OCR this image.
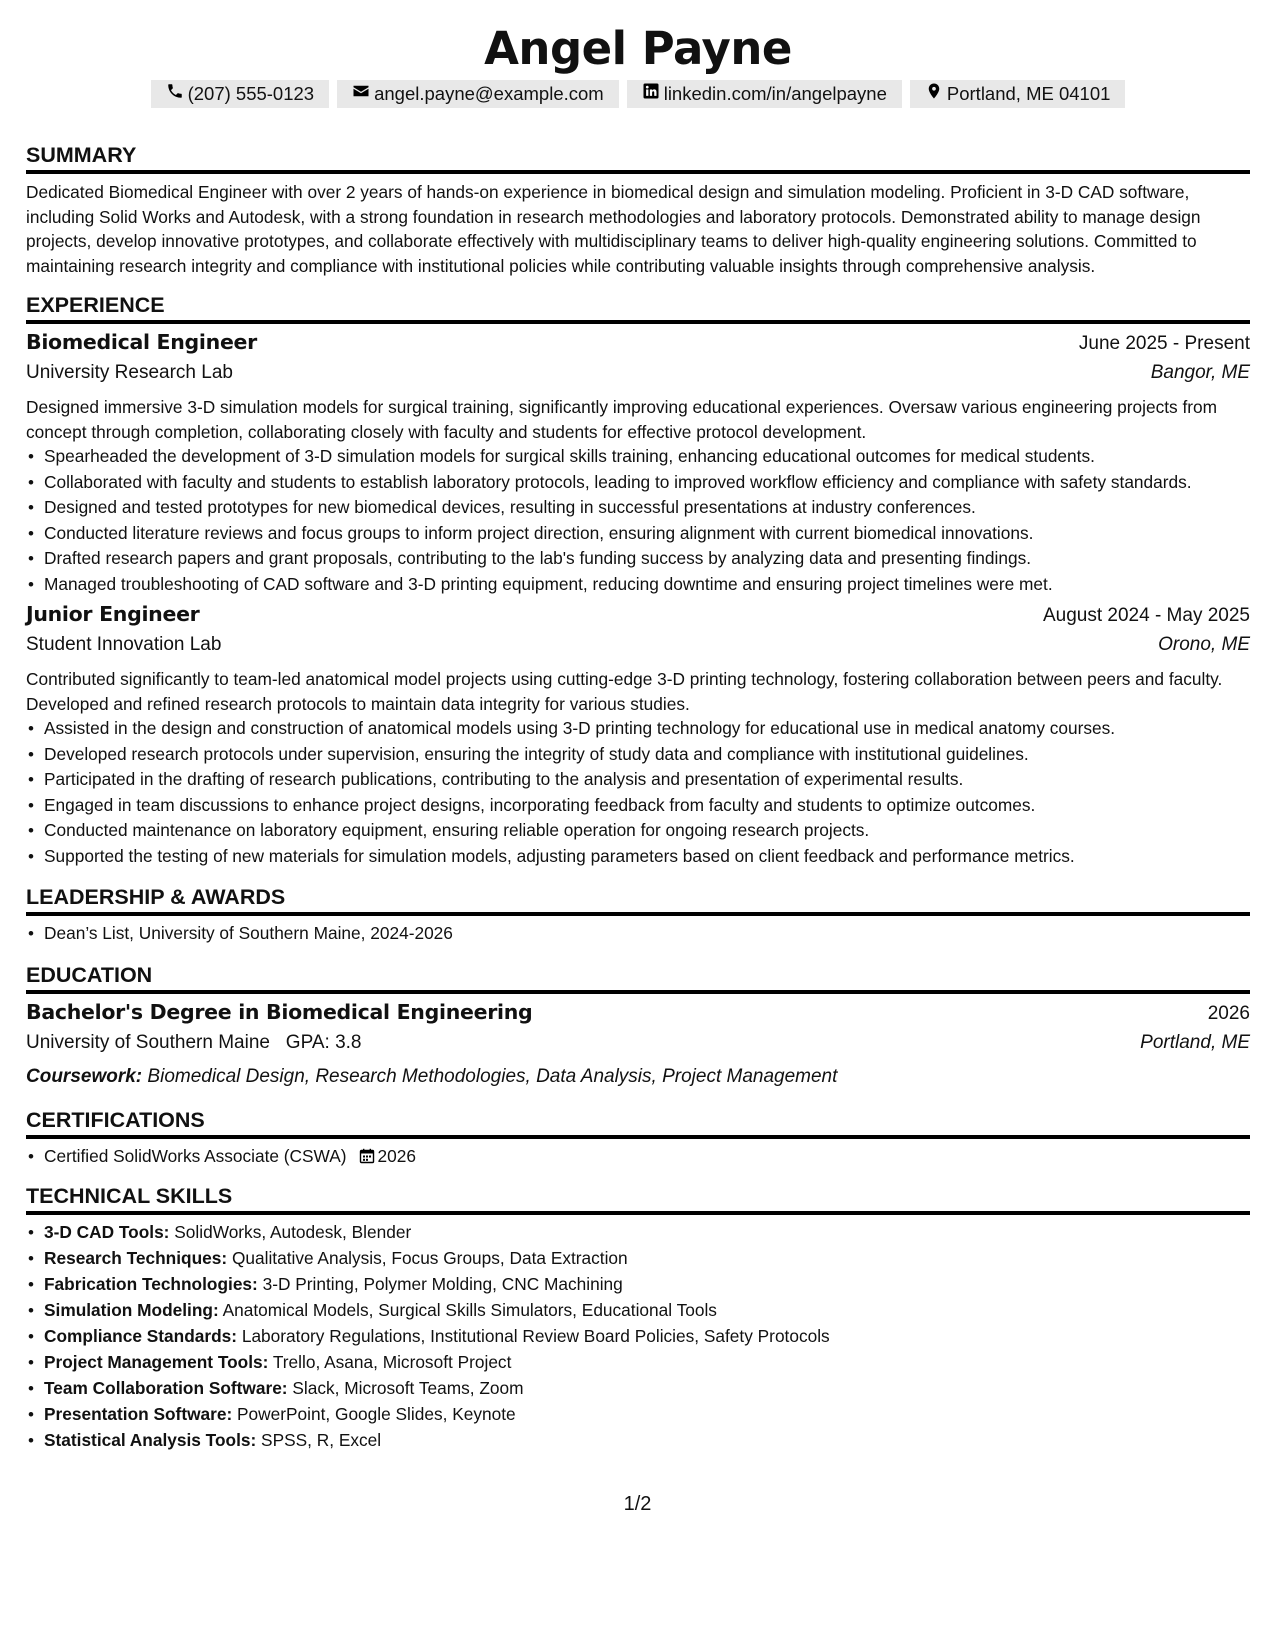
Angel Payne
(207) 555-0123	angel.payne@example.com	linkedin.com/in/angelpayne	Portland, ME 04101
SUMMARY
Dedicated Biomedical Engineer with over 2 years of hands-on experience in biomedical design and simulation modeling. Proficient in 3-D CAD software, including Solid Works and Autodesk, with a strong foundation in research methodologies and laboratory protocols. Demonstrated ability to manage design projects, develop innovative prototypes, and collaborate effectively with multidisciplinary teams to deliver high-quality engineering solutions. Committed to maintaining research integrity and compliance with institutional policies while contributing valuable insights through comprehensive analysis.
EXPERIENCE
Biomedical Engineer	June 2025 - Present
University Research Lab	Bangor, ME
Designed immersive 3-D simulation models for surgical training, significantly improving educational experiences. Oversaw various engineering projects from concept through completion, collaborating closely with faculty and students for effective protocol development.
• Spearheaded the development of 3-D simulation models for surgical skills training, enhancing educational outcomes for medical students.
• Collaborated with faculty and students to establish laboratory protocols, leading to improved workflow efficiency and compliance with safety standards.
• Designed and tested prototypes for new biomedical devices, resulting in successful presentations at industry conferences.
• Conducted literature reviews and focus groups to inform project direction, ensuring alignment with current biomedical innovations.
• Drafted research papers and grant proposals, contributing to the lab's funding success by analyzing data and presenting findings.
• Managed troubleshooting of CAD software and 3-D printing equipment, reducing downtime and ensuring project timelines were met.
Junior Engineer	August 2024 - May 2025
Student Innovation Lab	Orono, ME
Contributed significantly to team-led anatomical model projects using cutting-edge 3-D printing technology, fostering collaboration between peers and faculty. Developed and refined research protocols to maintain data integrity for various studies.
• Assisted in the design and construction of anatomical models using 3-D printing technology for educational use in medical anatomy courses.
• Developed research protocols under supervision, ensuring the integrity of study data and compliance with institutional guidelines.
• Participated in the drafting of research publications, contributing to the analysis and presentation of experimental results.
• Engaged in team discussions to enhance project designs, incorporating feedback from faculty and students to optimize outcomes.
• Conducted maintenance on laboratory equipment, ensuring reliable operation for ongoing research projects.
• Supported the testing of new materials for simulation models, adjusting parameters based on client feedback and performance metrics.
LEADERSHIP & AWARDS
• Dean’s List, University of Southern Maine, 2024-2026
EDUCATION
Bachelor's Degree in Biomedical Engineering	2026
University of Southern Maine GPA: 3.8	Portland, ME
Coursework: Biomedical Design, Research Methodologies, Data Analysis, Project Management
CERTIFICATIONS
• Certified SolidWorks Associate (CSWA) 2026
TECHNICAL SKILLS
• 3-D CAD Tools: SolidWorks, Autodesk, Blender
• Research Techniques: Qualitative Analysis, Focus Groups, Data Extraction
• Fabrication Technologies: 3-D Printing, Polymer Molding, CNC Machining
• Simulation Modeling: Anatomical Models, Surgical Skills Simulators, Educational Tools
• Compliance Standards: Laboratory Regulations, Institutional Review Board Policies, Safety Protocols
• Project Management Tools: Trello, Asana, Microsoft Project
• Team Collaboration Software: Slack, Microsoft Teams, Zoom
• Presentation Software: PowerPoint, Google Slides, Keynote
• Statistical Analysis Tools: SPSS, R, Excel
1/2
